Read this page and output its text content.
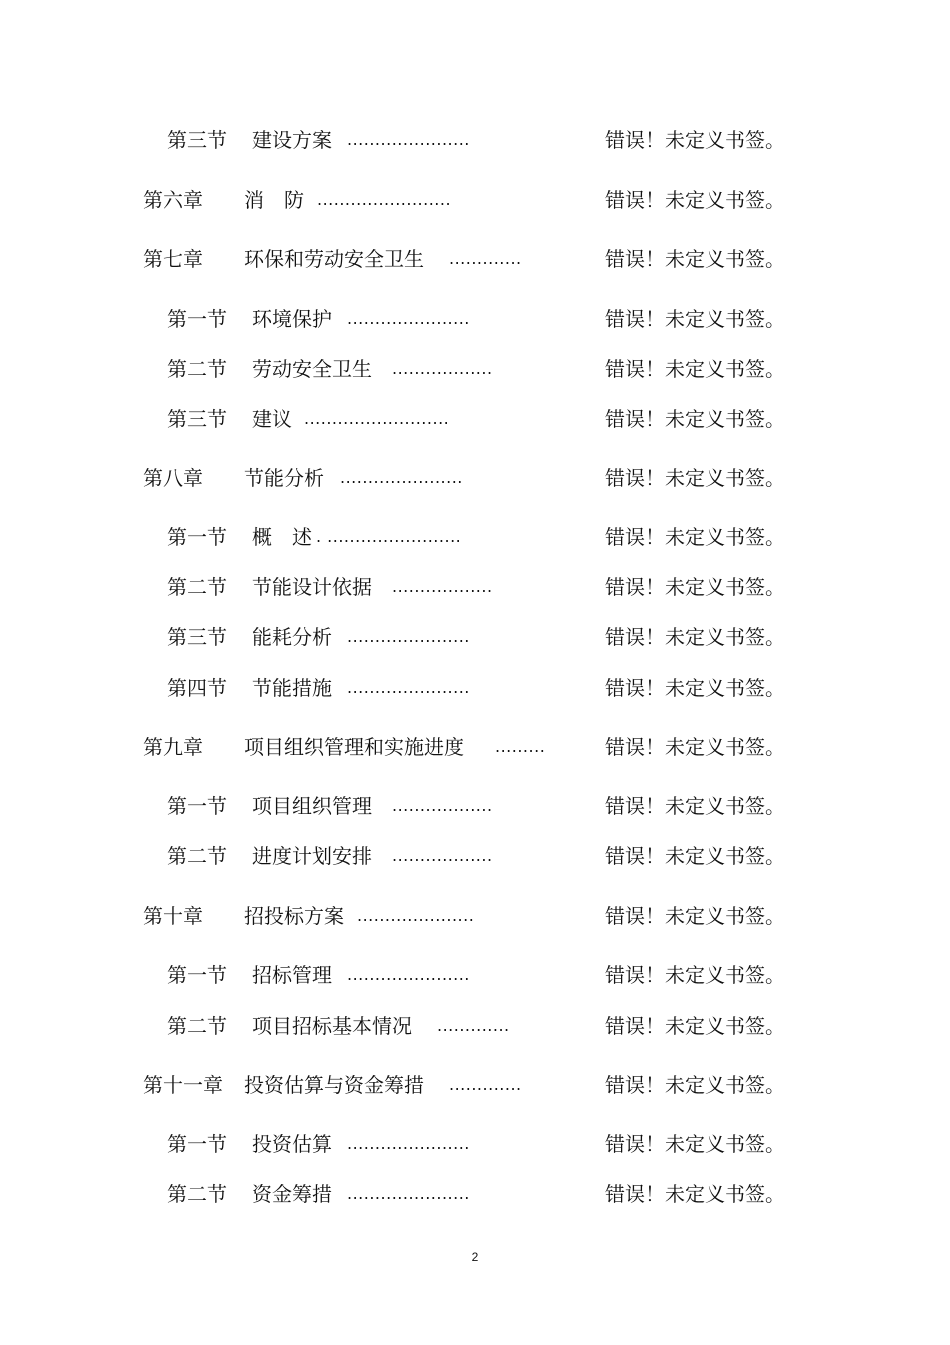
第三节 建设方案 ......................	错误！未定义书签。
第六章 消　防 ........................	错误！未定义书签。
第七章 环保和劳动安全卫生 .............	错误！未定义书签。
第一节 环境保护 ......................	错误！未定义书签。
第二节 劳动安全卫生 ..................	错误！未定义书签。
第三节 建议 ..........................	错误！未定义书签。
第八章 节能分析 ......................	错误！未定义书签。
第一节 概　述 . ........................	错误！未定义书签。
第二节 节能设计依据 ..................	错误！未定义书签。
第三节 能耗分析 ......................	错误！未定义书签。
第四节 节能措施 ......................	错误！未定义书签。
第九章 项目组织管理和实施进度 .........	错误！未定义书签。
第一节 项目组织管理 ..................	错误！未定义书签。
第二节 进度计划安排 ..................	错误！未定义书签。
第十章 招投标方案 .....................	错误！未定义书签。
第一节 招标管理 ......................	错误！未定义书签。
第二节 项目招标基本情况 .............	错误！未定义书签。
第十一章 投资估算与资金筹措 .............	错误！未定义书签。
第一节 投资估算 ......................	错误！未定义书签。
第二节 资金筹措 ......................	错误！未定义书签。
2
